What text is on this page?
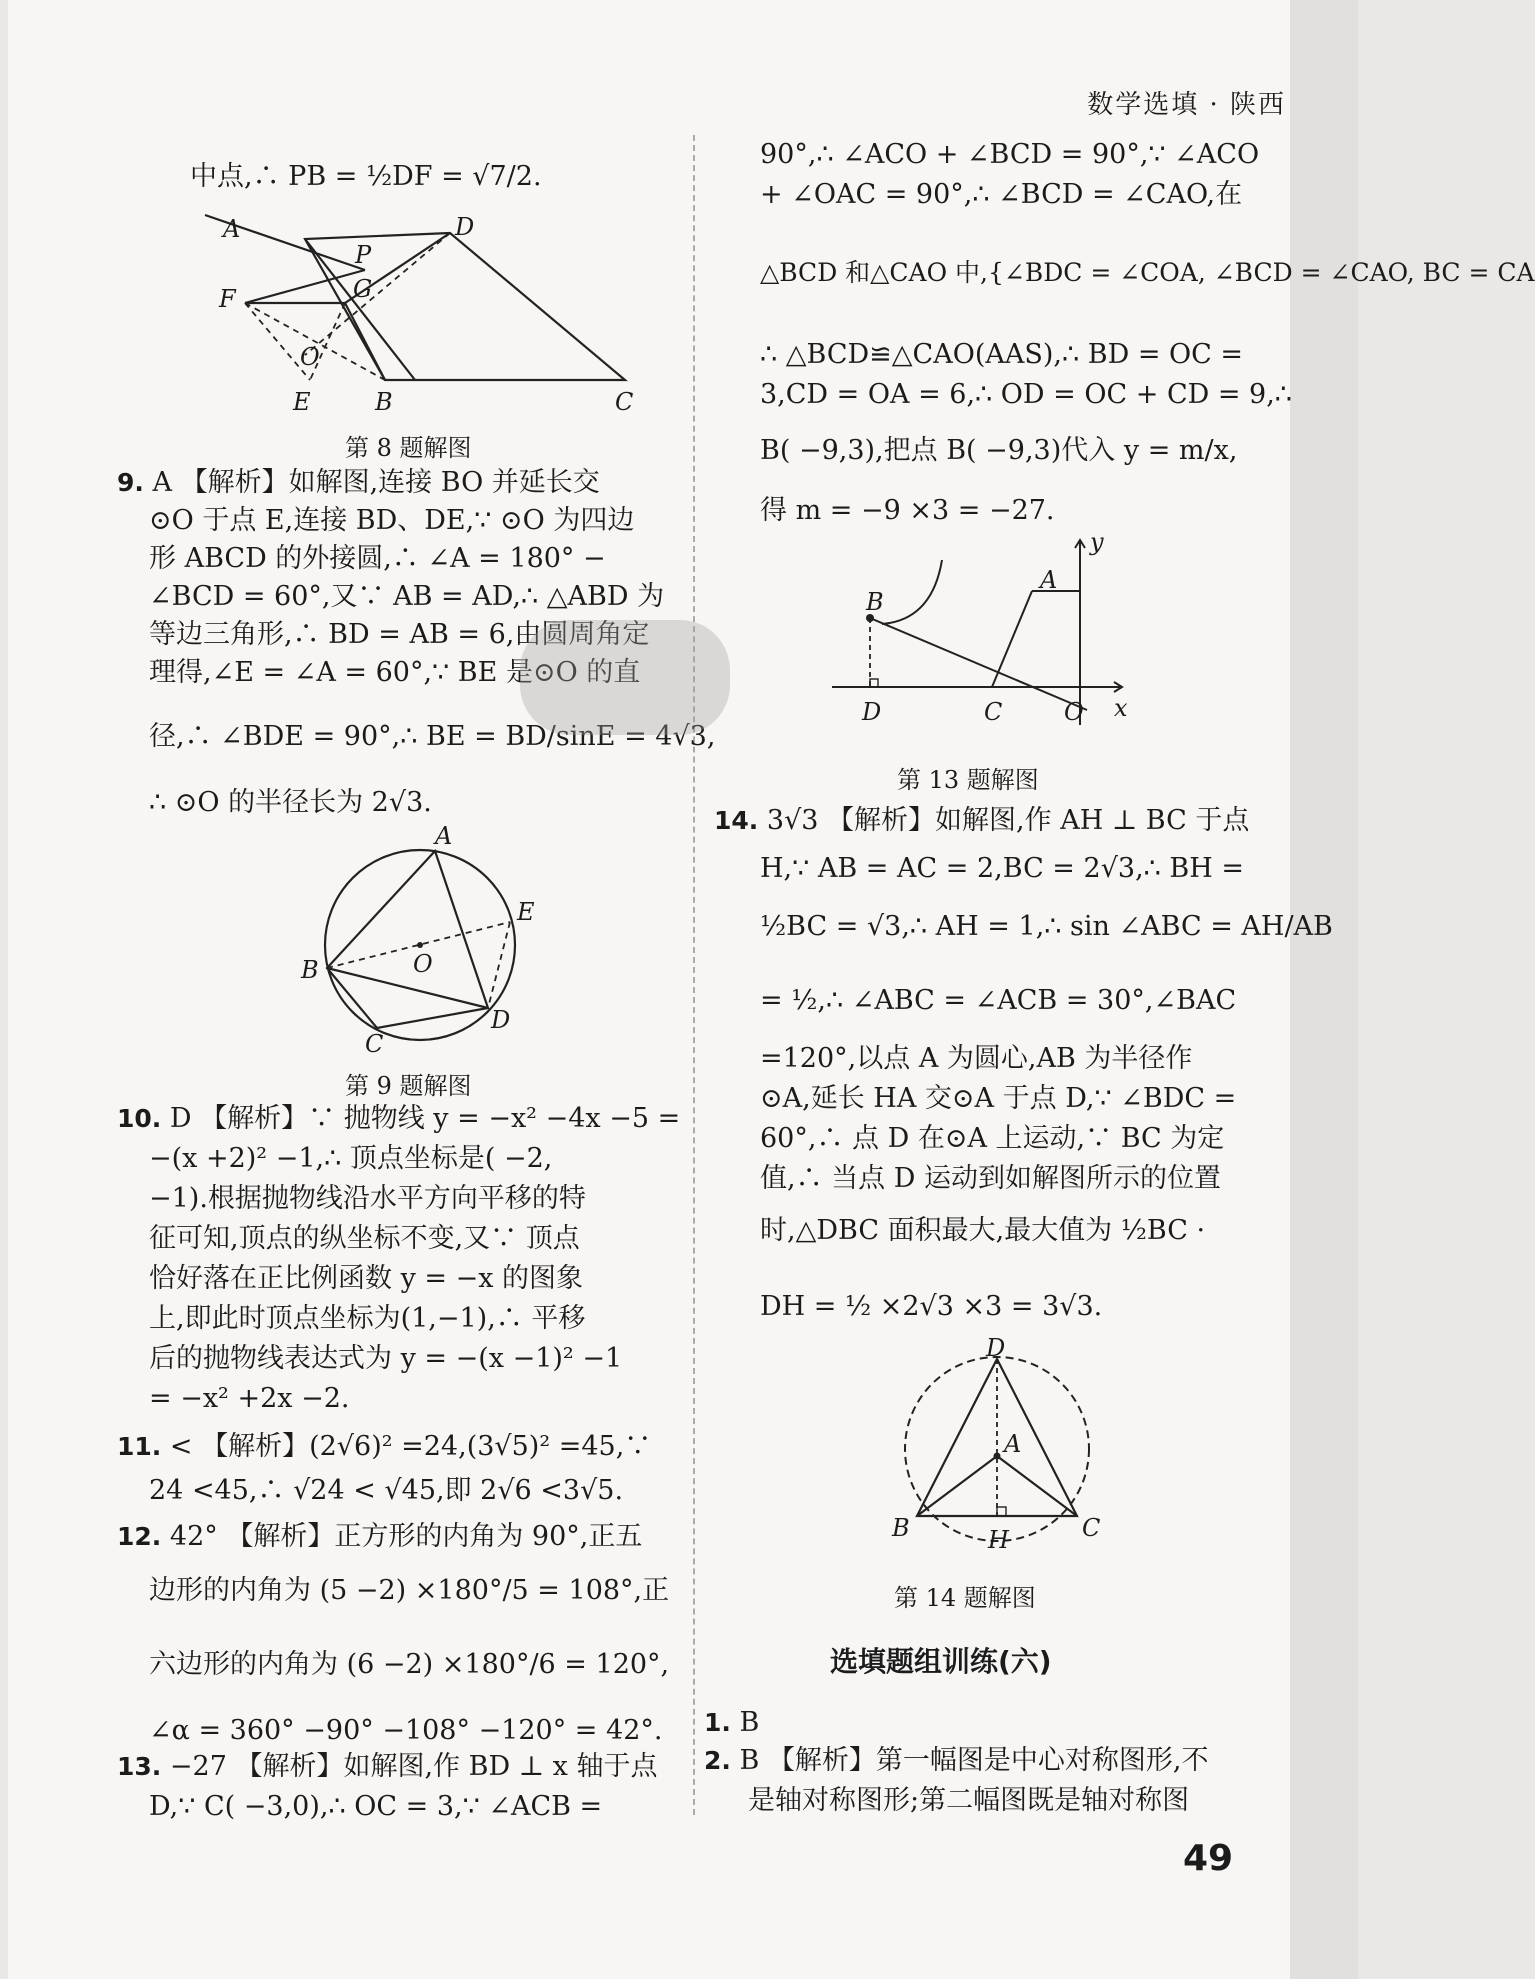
数学选填 · 陕西
中点,∴ PB = ½DF = √7/2.
A	D
P
G
F
O
E	B	C
第 8 题解图
9. A 【解析】如解图,连接 BO 并延长交
⊙O 于点 E,连接 BD、DE,∵ ⊙O 为四边
形 ABCD 的外接圆,∴ ∠A = 180° −
∠BCD = 60°,又∵ AB = AD,∴ △ABD 为
等边三角形,∴ BD = AB = 6,由圆周角定
理得,∠E = ∠A = 60°,∵ BE 是⊙O 的直
径,∴ ∠BDE = 90°,∴ BE = BD/sinE = 4√3,
∴ ⊙O 的半径长为 2√3.
A
E
O
B
C
D
第 9 题解图
10. D 【解析】∵ 抛物线 y = −x² −4x −5 =
−(x +2)² −1,∴ 顶点坐标是( −2,
−1).根据抛物线沿水平方向平移的特
征可知,顶点的纵坐标不变,又∵ 顶点
恰好落在正比例函数 y = −x 的图象
上,即此时顶点坐标为(1,−1),∴ 平移
后的抛物线表达式为 y = −(x −1)² −1
= −x² +2x −2.
11. < 【解析】(2√6)² =24,(3√5)² =45,∵
24 <45,∴ √24 < √45,即 2√6 <3√5.
12. 42° 【解析】正方形的内角为 90°,正五
边形的内角为 (5 −2) ×180°/5 = 108°,正
六边形的内角为 (6 −2) ×180°/6 = 120°,
∠α = 360° −90° −108° −120° = 42°.
13. −27 【解析】如解图,作 BD ⊥ x 轴于点
D,∵ C( −3,0),∴ OC = 3,∵ ∠ACB =
90°,∴ ∠ACO + ∠BCD = 90°,∵ ∠ACO
+ ∠OAC = 90°,∴ ∠BCD = ∠CAO,在
△BCD 和△CAO 中,{∠BDC = ∠COA, ∠BCD = ∠CAO, BC = CA
∴ △BCD≌△CAO(AAS),∴ BD = OC =
3,CD = OA = 6,∴ OD = OC + CD = 9,∴
B( −9,3),把点 B( −9,3)代入 y = m/x,
得 m = −9 ×3 = −27.
y
B
A
D	C	O x
第 13 题解图
14. 3√3 【解析】如解图,作 AH ⊥ BC 于点
H,∵ AB = AC = 2,BC = 2√3,∴ BH =
½BC = √3,∴ AH = 1,∴ sin ∠ABC = AH/AB
= ½,∴ ∠ABC = ∠ACB = 30°,∠BAC
=120°,以点 A 为圆心,AB 为半径作
⊙A,延长 HA 交⊙A 于点 D,∵ ∠BDC =
60°,∴ 点 D 在⊙A 上运动,∵ BC 为定
值,∴ 当点 D 运动到如解图所示的位置
时,△DBC 面积最大,最大值为 ½BC ·
DH = ½ ×2√3 ×3 = 3√3.
D
A
B	H	C
第 14 题解图
选填题组训练(六)
1. B
2. B 【解析】第一幅图是中心对称图形,不
是轴对称图形;第二幅图既是轴对称图
49
